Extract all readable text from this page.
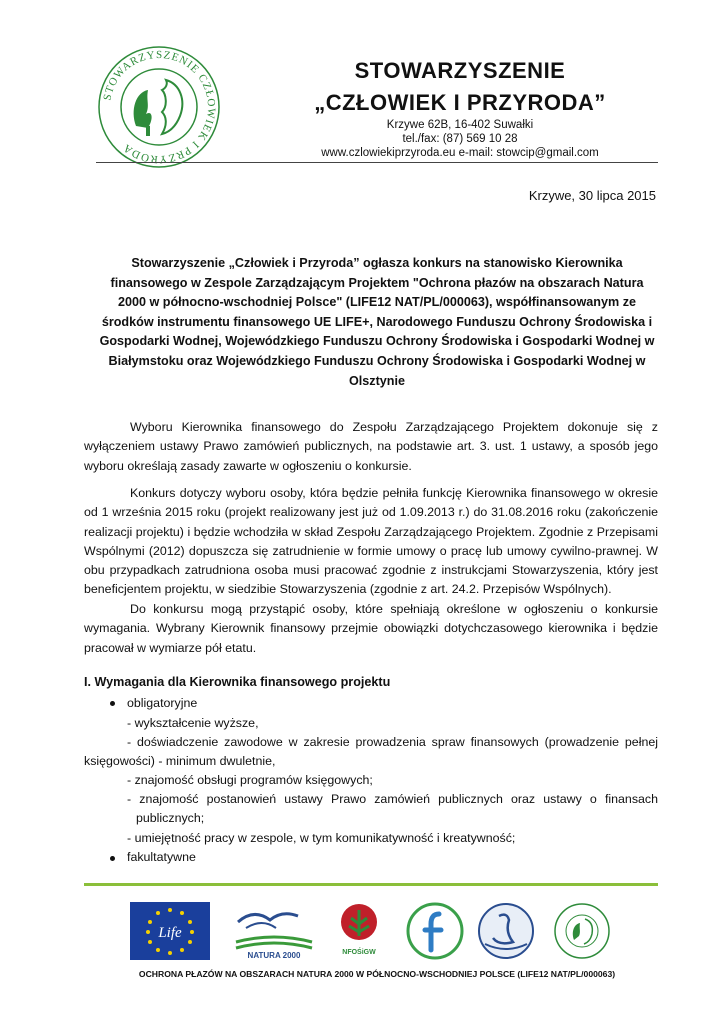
STOWARZYSZENIE CZŁOWIEK I PRZYRODA
STOWARZYSZENIE
„CZŁOWIEK I PRZYRODA”
Krzywe 62B, 16-402 Suwałki
tel./fax: (87) 569 10 28
www.czlowiekiprzyroda.eu e-mail: stowcip@gmail.com
Krzywe, 30 lipca 2015
Stowarzyszenie „Człowiek i Przyroda” ogłasza konkurs na stanowisko Kierownika finansowego w Zespole Zarządzającym Projektem "Ochrona płazów na obszarach Natura 2000 w północno-wschodniej Polsce" (LIFE12 NAT/PL/000063), współfinansowanym ze środków instrumentu finansowego UE LIFE+, Narodowego Funduszu Ochrony Środowiska i Gospodarki Wodnej, Wojewódzkiego Funduszu Ochrony Środowiska i Gospodarki Wodnej w Białymstoku oraz Wojewódzkiego Funduszu Ochrony Środowiska i Gospodarki Wodnej w Olsztynie

Wyboru Kierownika finansowego do Zespołu Zarządzającego Projektem dokonuje się z wyłączeniem ustawy Prawo zamówień publicznych, na podstawie art. 3. ust. 1 ustawy, a sposób jego wyboru określają zasady zawarte w ogłoszeniu o konkursie.

Konkurs dotyczy wyboru osoby, która będzie pełniła funkcję Kierownika finansowego w okresie od 1 września 2015 roku (projekt realizowany jest już od 1.09.2013 r.) do 31.08.2016 roku (zakończenie realizacji projektu) i będzie wchodziła w skład Zespołu Zarządzającego Projektem. Zgodnie z Przepisami Wspólnymi (2012) dopuszcza się zatrudnienie w formie umowy o pracę lub umowy cywilno-prawnej. W obu przypadkach zatrudniona osoba musi pracować zgodnie z instrukcjami Stowarzyszenia, który jest beneficjentem projektu, w siedzibie Stowarzyszenia (zgodnie z art. 24.2. Przepisów Wspólnych).

Do konkursu mogą przystąpić osoby, które spełniają określone w ogłoszeniu o konkursie wymagania. Wybrany Kierownik finansowy przejmie obowiązki dotychczasowego kierownika i będzie pracował w wymiarze pół etatu.

I. Wymagania dla Kierownika finansowego projektu
obligatoryjne
- wykształcenie wyższe,
- doświadczenie zawodowe w zakresie prowadzenia spraw finansowych (prowadzenie pełnej księgowości) - minimum dwuletnie,
- znajomość obsługi programów księgowych;
- znajomość postanowień ustawy Prawo zamówień publicznych oraz ustawy o finansach publicznych;
- umiejętność pracy w zespole, w tym komunikatywność i kreatywność;
fakultatywne
Life
NATURA 2000	NFOŚiGW
OCHRONA PŁAZÓW NA OBSZARACH NATURA 2000 W PÓŁNOCNO-WSCHODNIEJ POLSCE (LIFE12 NAT/PL/000063)
